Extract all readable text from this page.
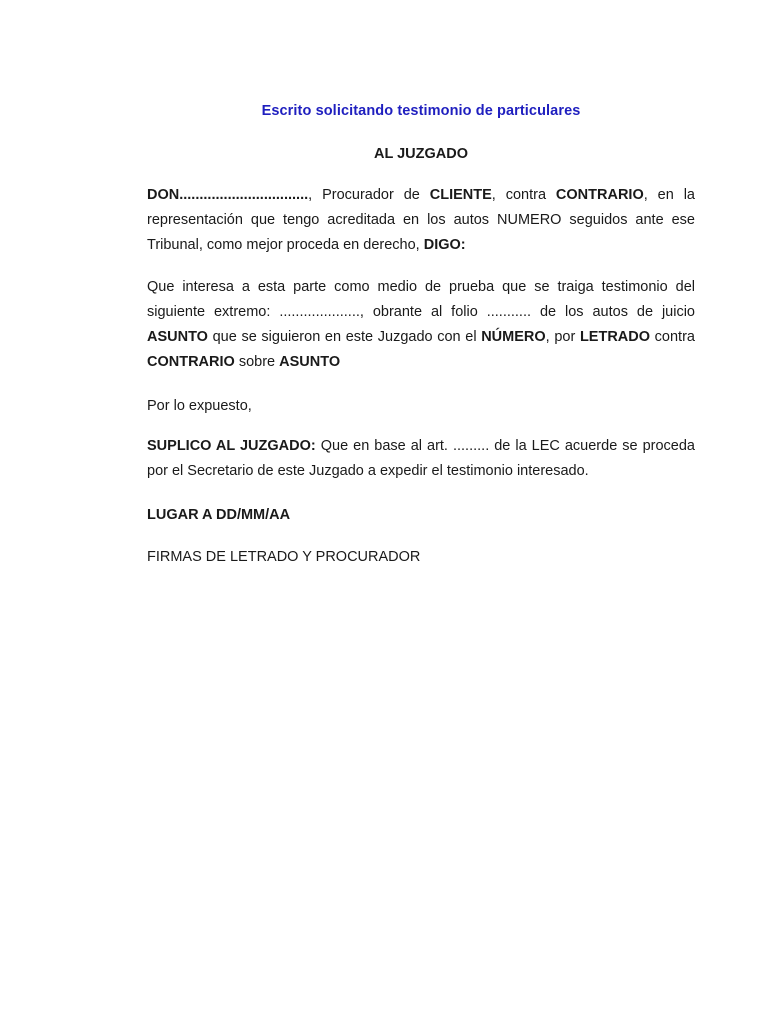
Escrito solicitando testimonio de particulares
AL JUZGADO

DON................................, Procurador de CLIENTE, contra CONTRARIO, en la representación que tengo acreditada en los autos NUMERO seguidos ante ese Tribunal, como mejor proceda en derecho, DIGO:

Que interesa a esta parte como medio de prueba que se traiga testimonio del siguiente extremo: ...................., obrante al folio ........... de los autos de juicio ASUNTO que se siguieron en este Juzgado con el NÚMERO, por LETRADO contra CONTRARIO sobre ASUNTO

Por lo expuesto,

SUPLICO AL JUZGADO: Que en base al art. ......... de la LEC acuerde se proceda por el Secretario de este Juzgado a expedir el testimonio interesado.

LUGAR A DD/MM/AA

FIRMAS DE LETRADO Y PROCURADOR
